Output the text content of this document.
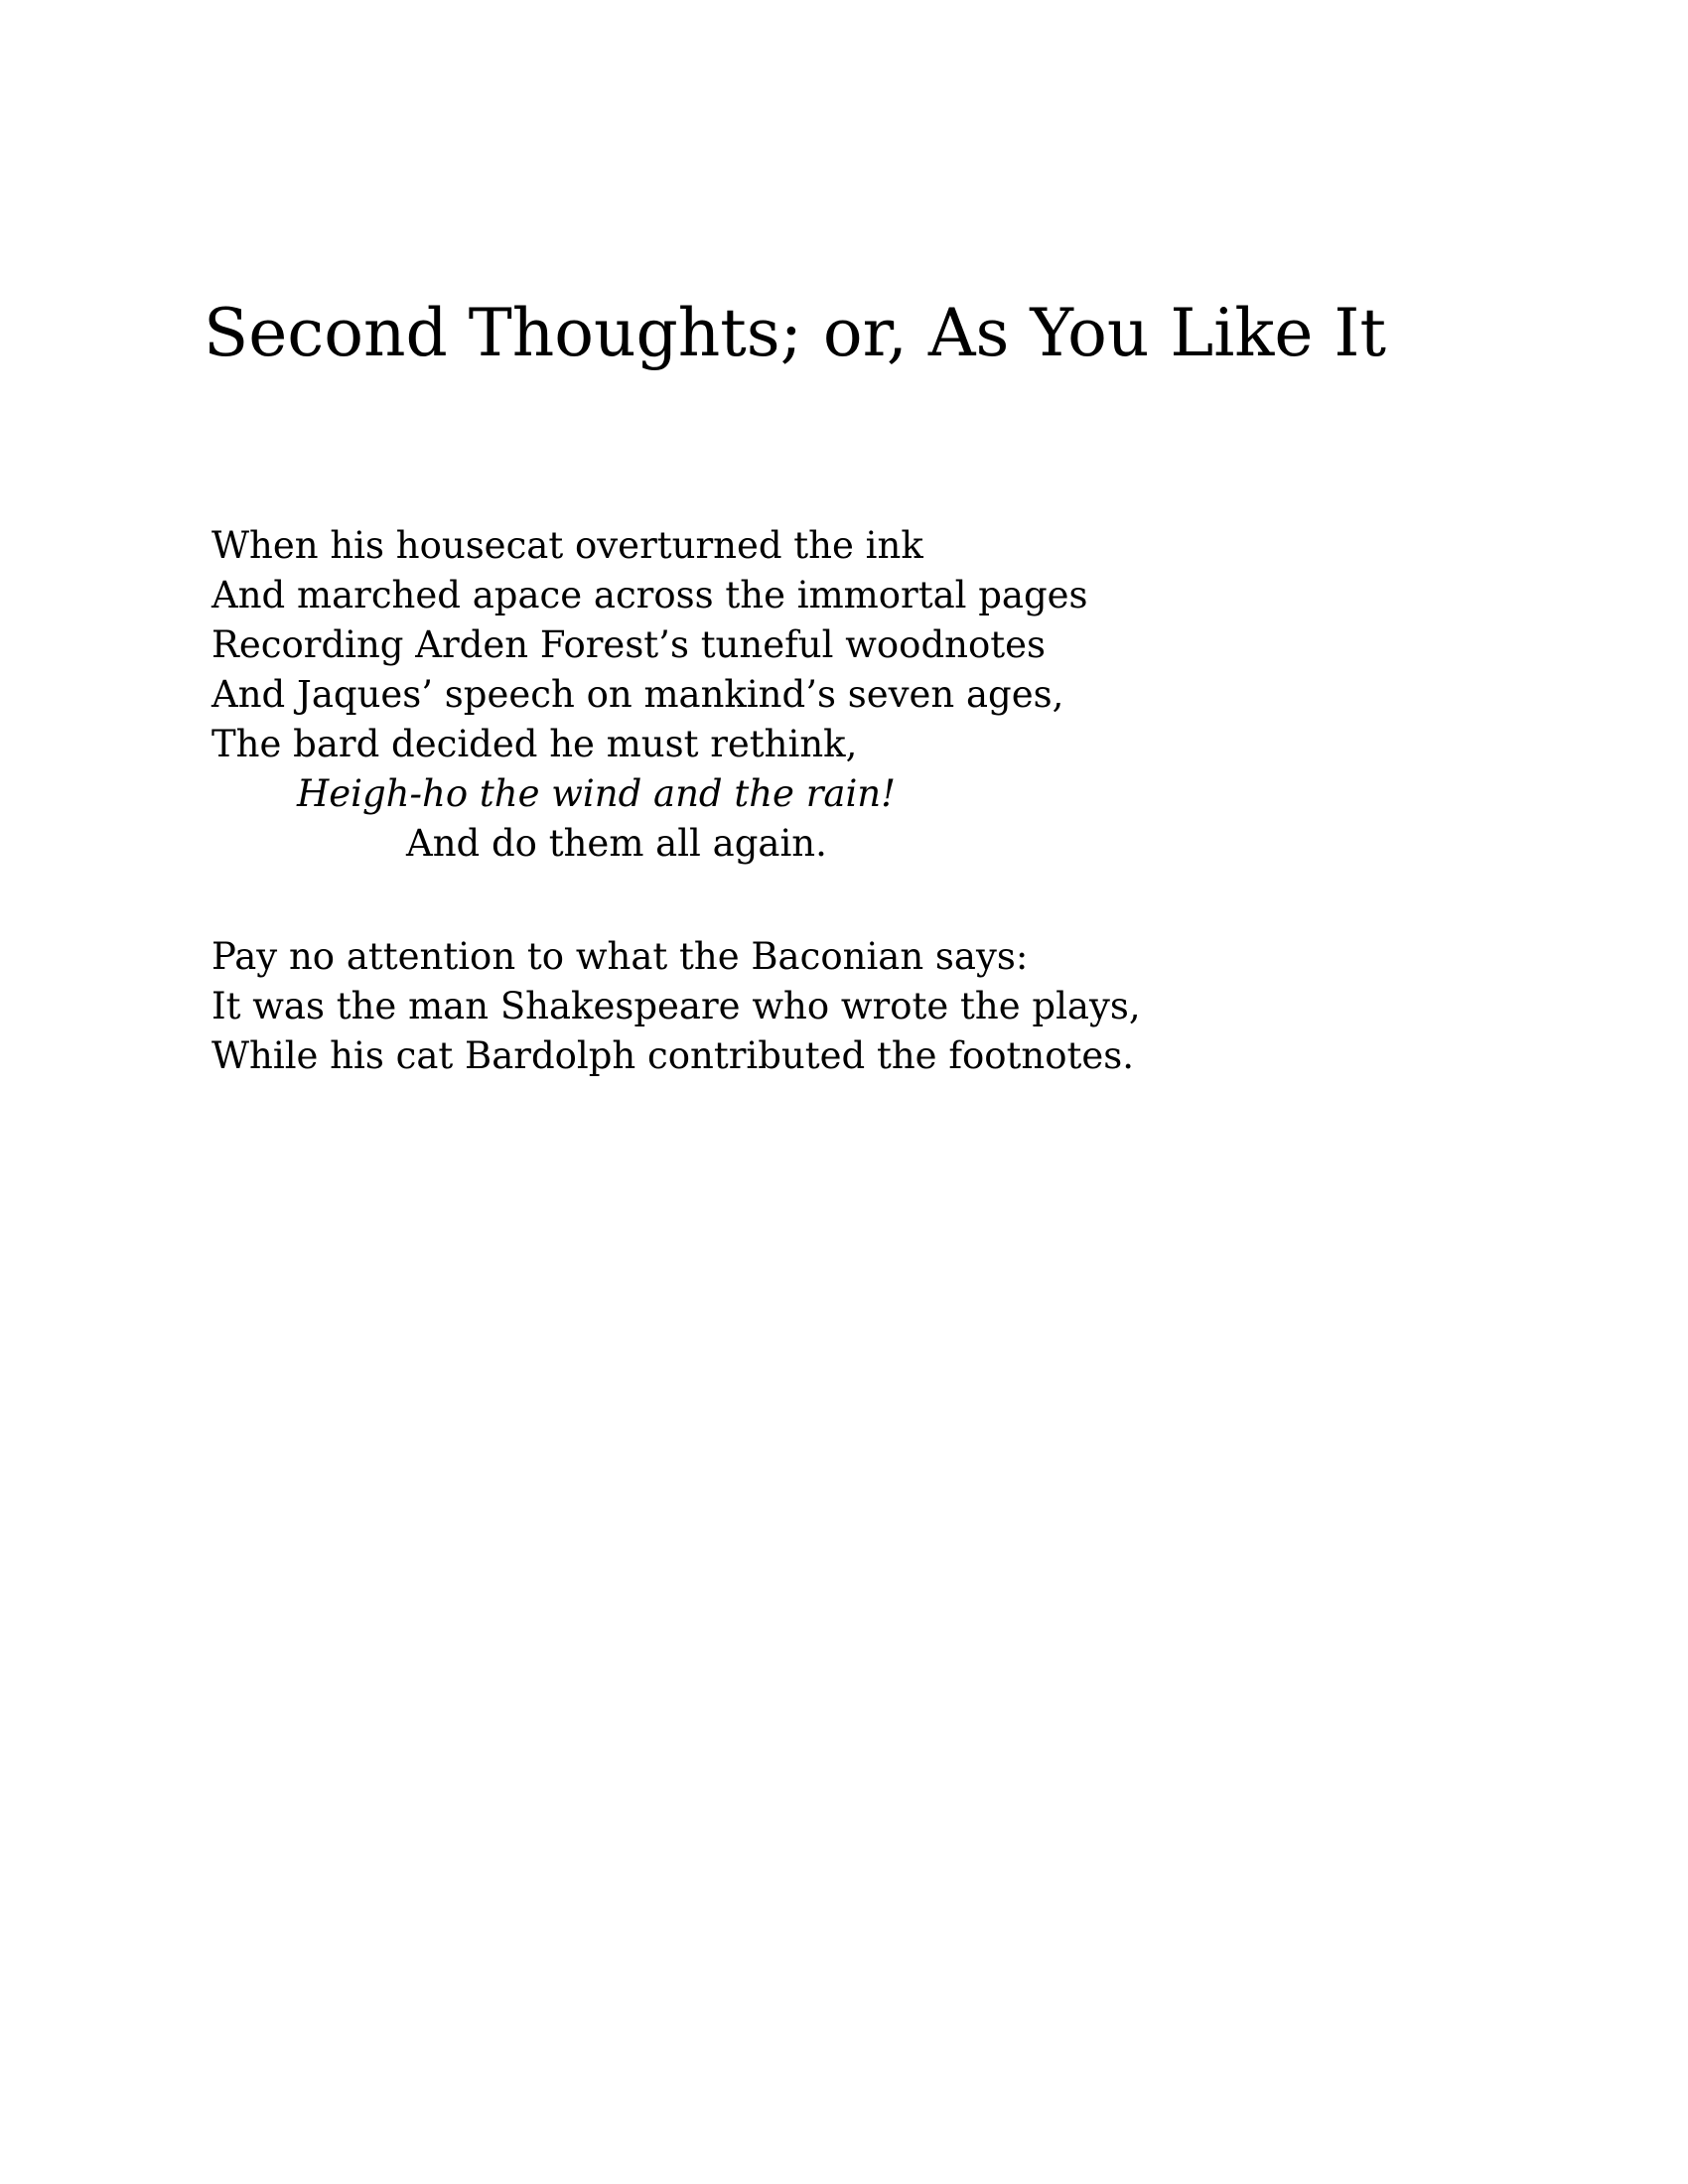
Second Thoughts; or, As You Like It
When his housecat overturned the ink
And marched apace across the immortal pages
Recording Arden Forest’s tuneful woodnotes
And Jaques’ speech on mankind’s seven ages,
The bard decided he must rethink,
Heigh-ho the wind and the rain!
And do them all again.
Pay no attention to what the Baconian says:
It was the man Shakespeare who wrote the plays,
While his cat Bardolph contributed the footnotes.
